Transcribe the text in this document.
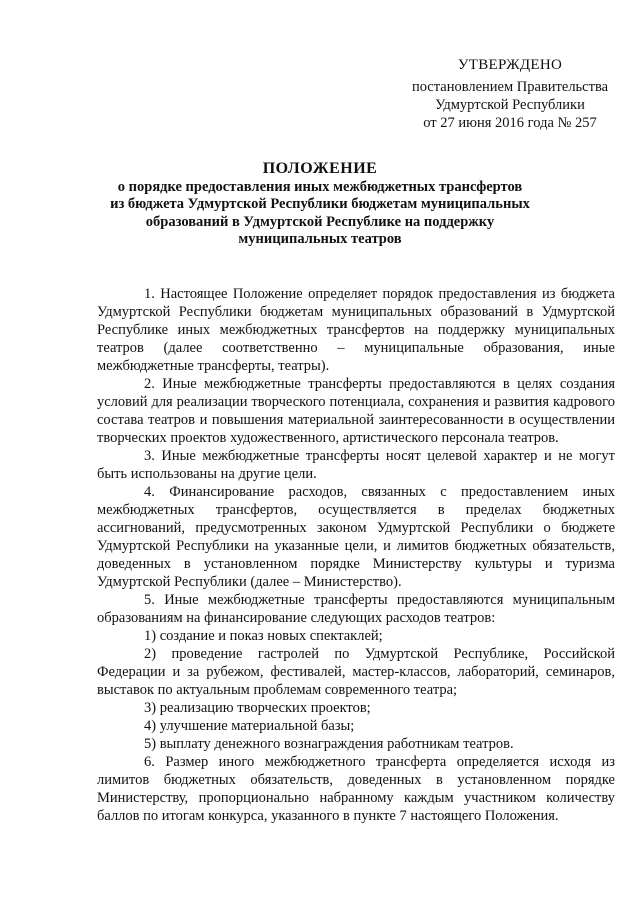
УТВЕРЖДЕНО
постановлением Правительства
Удмуртской Республики
от 27 июня 2016 года № 257
ПОЛОЖЕНИЕ
о порядке предоставления иных межбюджетных трансфертов
из бюджета Удмуртской Республики бюджетам муниципальных
образований в Удмуртской Республике на поддержку
муниципальных театров

1. Настоящее Положение определяет порядок предоставления из бюджета Удмуртской Республики бюджетам муниципальных образований в Удмуртской Республике иных межбюджетных трансфертов на поддержку муниципальных театров (далее соответственно – муниципальные образования, иные межбюджетные трансферты, театры).

2. Иные межбюджетные трансферты предоставляются в целях создания условий для реализации творческого потенциала, сохранения и развития кадрового состава театров и повышения материальной заинтересованности в осуществлении творческих проектов художественного, артистического персонала театров.

3. Иные межбюджетные трансферты носят целевой характер и не могут быть использованы на другие цели.

4. Финансирование расходов, связанных с предоставлением иных межбюджетных трансфертов, осуществляется в пределах бюджетных ассигнований, предусмотренных законом Удмуртской Республики о бюджете Удмуртской Республики на указанные цели, и лимитов бюджетных обязательств, доведенных в установленном порядке Министерству культуры и туризма Удмуртской Республики (далее – Министерство).

5. Иные межбюджетные трансферты предоставляются муниципальным образованиям на финансирование следующих расходов театров:

1) создание и показ новых спектаклей;

2) проведение гастролей по Удмуртской Республике, Российской Федерации и за рубежом, фестивалей, мастер-классов, лабораторий, семинаров, выставок по актуальным проблемам современного театра;

3) реализацию творческих проектов;

4) улучшение материальной базы;

5) выплату денежного вознаграждения работникам театров.

6. Размер иного межбюджетного трансферта определяется исходя из лимитов бюджетных обязательств, доведенных в установленном порядке Министерству, пропорционально набранному каждым участником количеству баллов по итогам конкурса, указанного в пункте 7 настоящего Положения.
